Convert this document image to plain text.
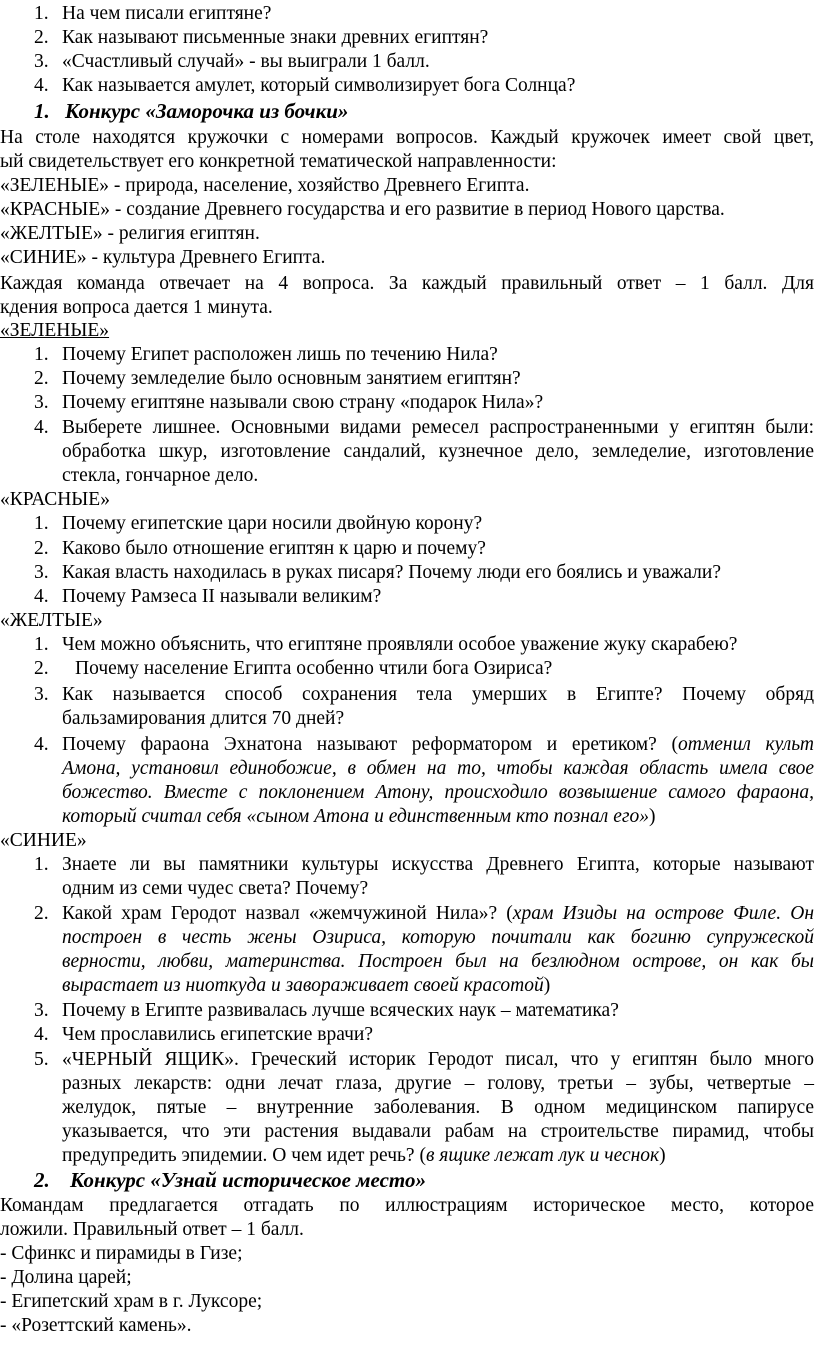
1. На чем писали египтяне?
2. Как называют письменные знаки древних египтян?
3. «Счастливый случай» - вы выиграли 1 балл.
4. Как называется амулет, который символизирует бога Солнца?
1. Конкурс «Заморочка из бочки»
На столе находятся кружочки с номерами вопросов. Каждый кружочек имеет свой цвет,
ый свидетельствует его конкретной тематической направленности:
«ЗЕЛЕНЫЕ» - природа, население, хозяйство Древнего Египта.
«КРАСНЫЕ» - создание Древнего государства и его развитие в период Нового царства.
«ЖЕЛТЫЕ» - религия египтян.
«СИНИЕ» - культура Древнего Египта.
Каждая команда отвечает на 4 вопроса. За каждый правильный ответ – 1 балл. Для
кдения вопроса дается 1 минута.
«ЗЕЛЕНЫЕ»
1. Почему Египет расположен лишь по течению Нила?
2. Почему земледелие было основным занятием египтян?
3. Почему египтяне называли свою страну «подарок Нила»?
4. Выберете лишнее. Основными видами ремесел распространенными у египтян были:
обработка шкур, изготовление сандалий, кузнечное дело, земледелие, изготовление
стекла, гончарное дело.
«КРАСНЫЕ»
1. Почему египетские цари носили двойную корону?
2. Каково было отношение египтян к царю и почему?
3. Какая власть находилась в руках писаря? Почему люди его боялись и уважали?
4. Почему Рамзеса II называли великим?
«ЖЕЛТЫЕ»
1. Чем можно объяснить, что египтяне проявляли особое уважение жуку скарабею?
2. Почему население Египта особенно чтили бога Озириса?
3. Как называется способ сохранения тела умерших в Египте? Почему обряд
бальзамирования длится 70 дней?
4. Почему фараона Эхнатона называют реформатором и еретиком? (отменил культ
Амона, установил единобожие, в обмен на то, чтобы каждая область имела свое
божество. Вместе с поклонением Атону, происходило возвышение самого фараона,
который считал себя «сыном Атона и единственным кто познал его»)
«СИНИЕ»
1. Знаете ли вы памятники культуры искусства Древнего Египта, которые называют
одним из семи чудес света? Почему?
2. Какой храм Геродот назвал «жемчужиной Нила»? (храм Изиды на острове Филе. Он
построен в честь жены Озириса, которую почитали как богиню супружеской
верности, любви, материнства. Построен был на безлюдном острове, он как бы
вырастает из ниоткуда и завораживает своей красотой)
3. Почему в Египте развивалась лучше всяческих наук – математика?
4. Чем прославились египетские врачи?
5. «ЧЕРНЫЙ ЯЩИК». Греческий историк Геродот писал, что у египтян было много
разных лекарств: одни лечат глаза, другие – голову, третьи – зубы, четвертые –
желудок, пятые – внутренние заболевания. В одном медицинском папирусе
указывается, что эти растения выдавали рабам на строительстве пирамид, чтобы
предупредить эпидемии. О чем идет речь? (в ящике лежат лук и чеснок)
2. Конкурс «Узнай историческое место»
Командам предлагается отгадать по иллюстрациям историческое место, которое
ложили. Правильный ответ – 1 балл.
- Сфинкс и пирамиды в Гизе;
- Долина царей;
- Египетский храм в г. Луксоре;
- «Розеттский камень».
